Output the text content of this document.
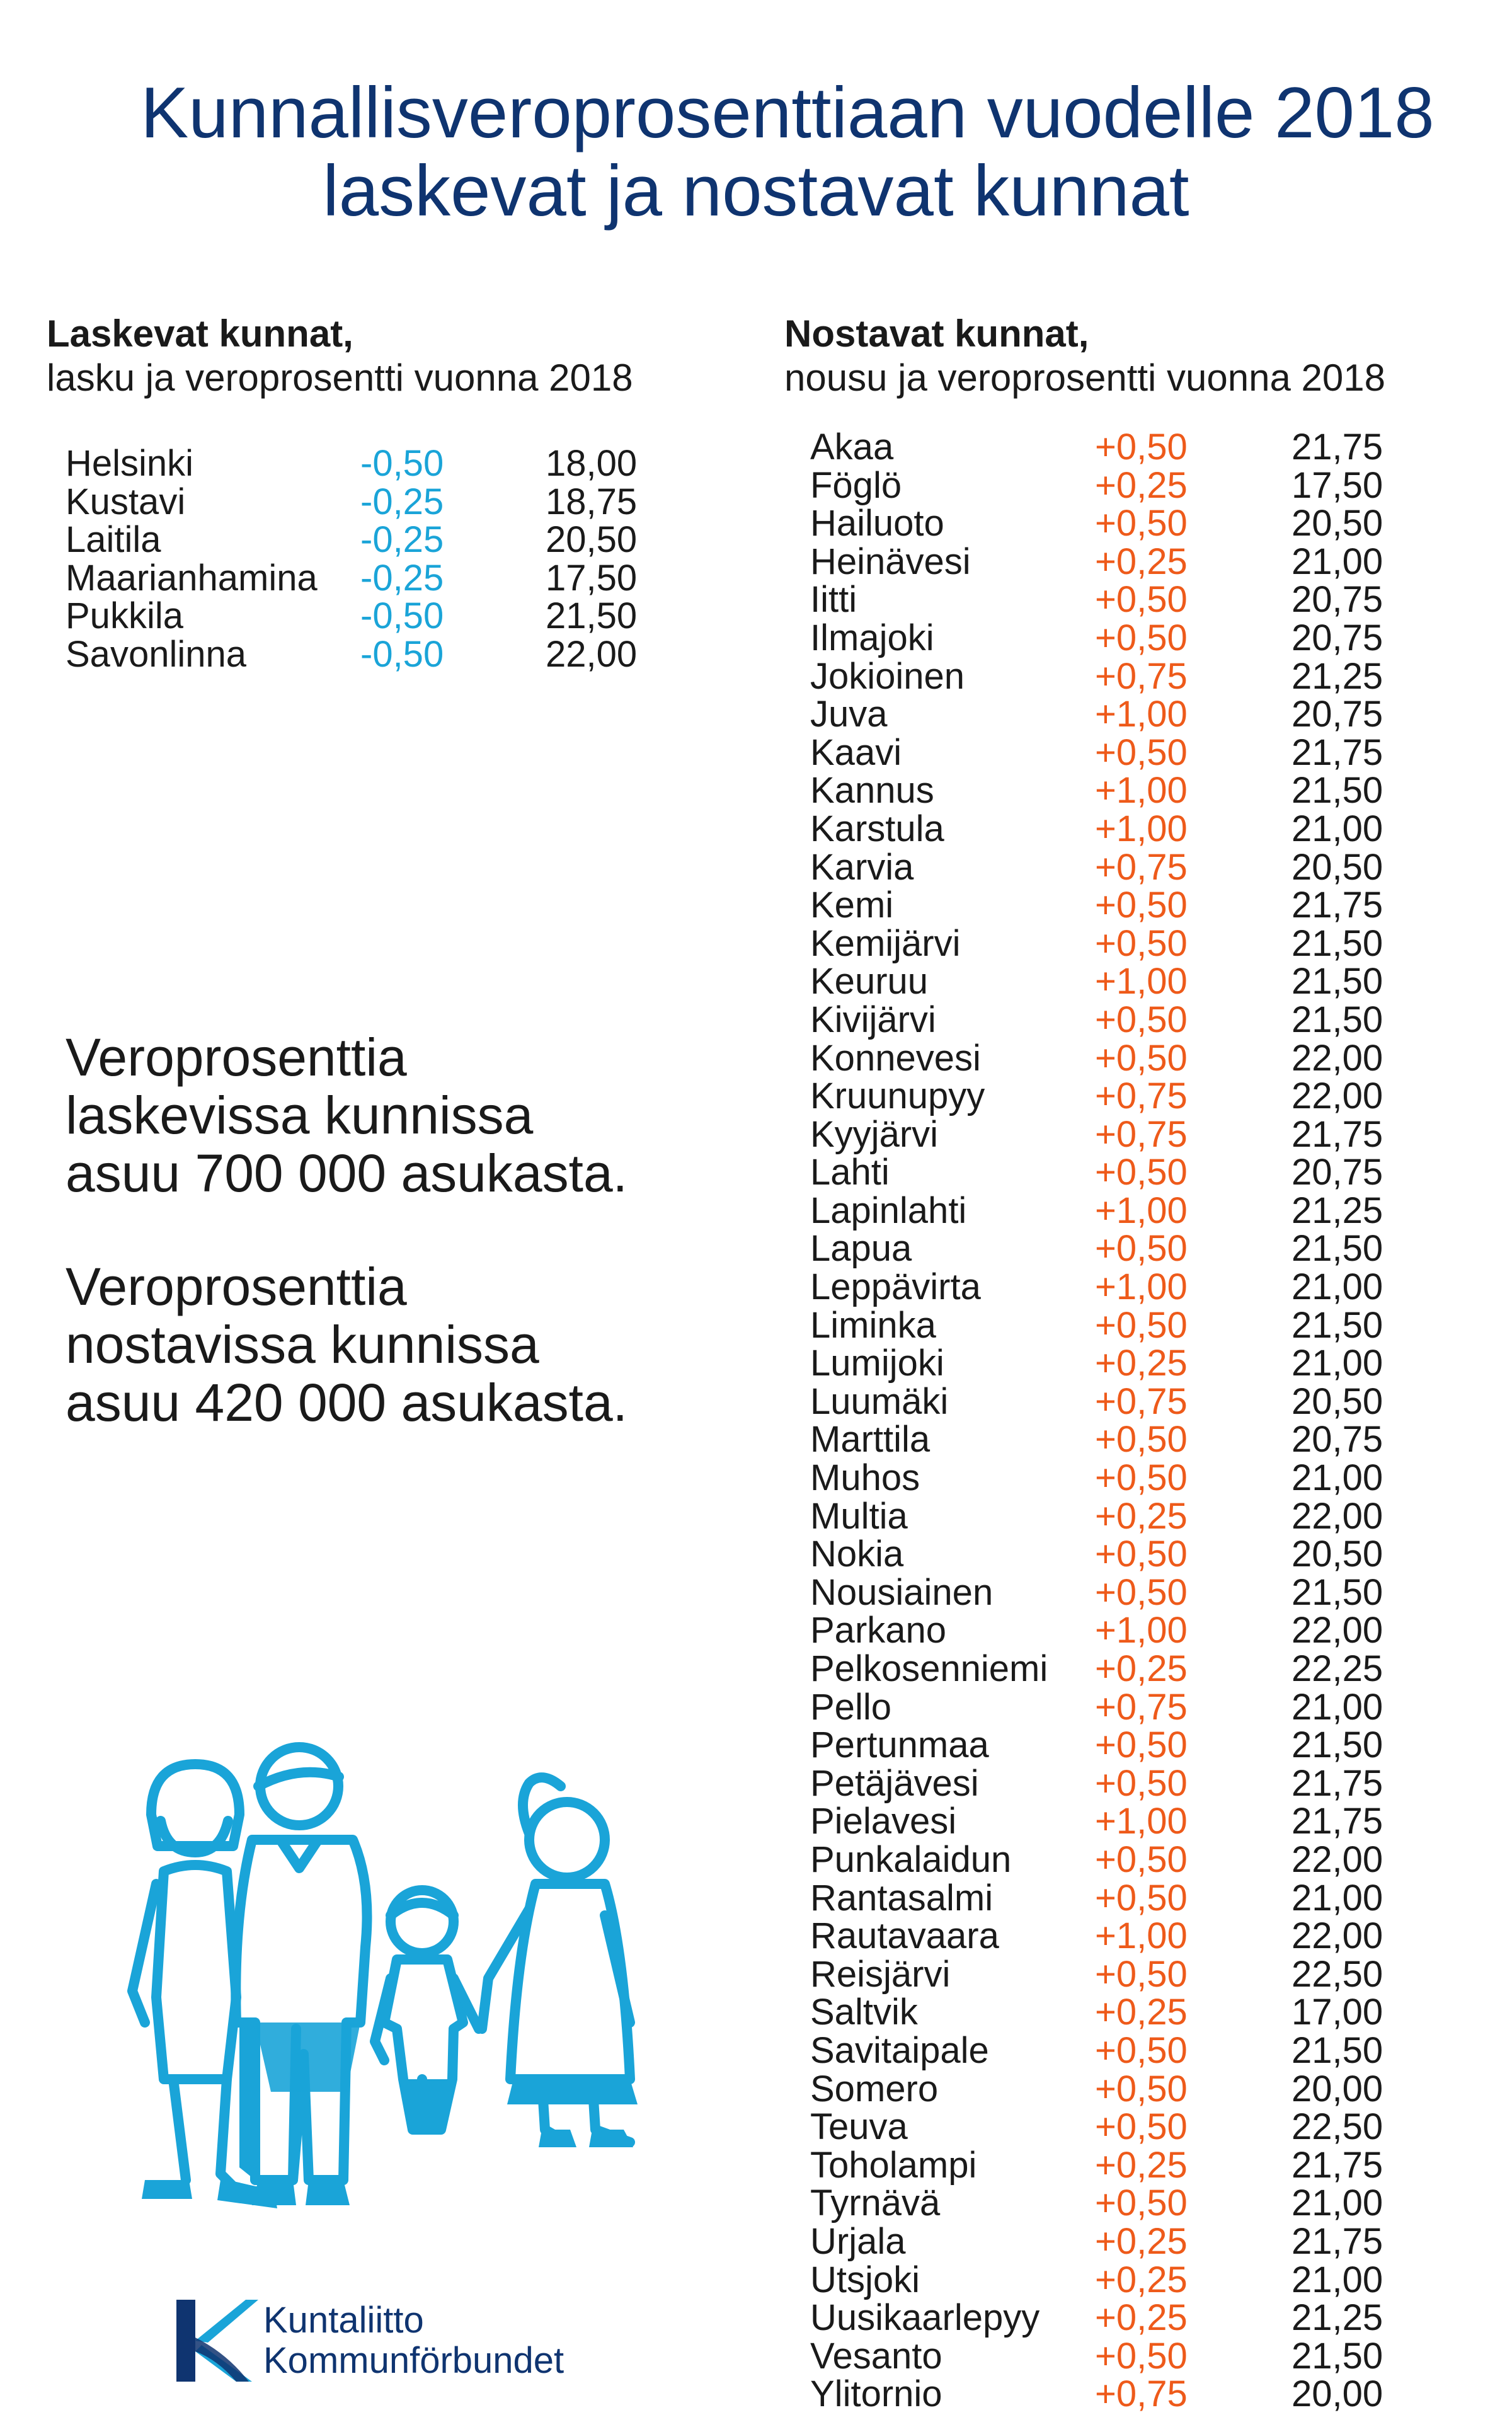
Kunnallisveroprosenttiaan vuodelle 2018
laskevat ja nostavat kunnat
Laskevat kunnat,
lasku ja veroprosentti vuonna 2018
Nostavat kunnat,
nousu ja veroprosentti vuonna 2018
Helsinki	-0,50	18,00
Kustavi	-0,25	18,75
Laitila	-0,25	20,50
Maarianhamina -0,25	17,50
Pukkila	-0,50	21,50
Savonlinna	-0,50	22,00
Akaa	+0,50	21,75
Föglö	+0,25	17,50
Hailuoto	+0,50	20,50
Heinävesi	+0,25	21,00
Iitti	+0,50	20,75
Ilmajoki	+0,50	20,75
Jokioinen	+0,75	21,25
Juva	+1,00	20,75
Kaavi	+0,50	21,75
Kannus	+1,00	21,50
Karstula	+1,00	21,00
Karvia	+0,75	20,50
Kemi	+0,50	21,75
Kemijärvi	+0,50	21,50
Keuruu	+1,00	21,50
Kivijärvi	+0,50	21,50
Konnevesi	+0,50	22,00
Kruunupyy	+0,75	22,00
Kyyjärvi	+0,75	21,75
Lahti	+0,50	20,75
Lapinlahti	+1,00	21,25
Lapua	+0,50	21,50
Leppävirta	+1,00	21,00
Liminka	+0,50	21,50
Lumijoki	+0,25	21,00
Luumäki	+0,75	20,50
Marttila	+0,50	20,75
Muhos	+0,50	21,00
Multia	+0,25	22,00
Nokia	+0,50	20,50
Nousiainen	+0,50	21,50
Parkano	+1,00	22,00
Pelkosenniemi +0,25	22,25
Pello	+0,75	21,00
Pertunmaa	+0,50	21,50
Petäjävesi	+0,50	21,75
Pielavesi	+1,00	21,75
Punkalaidun +0,50	22,00
Rantasalmi	+0,50	21,00
Rautavaara	+1,00	22,00
Reisjärvi	+0,50	22,50
Saltvik	+0,25	17,00
Savitaipale	+0,50	21,50
Somero	+0,50	20,00
Teuva	+0,50	22,50
Toholampi	+0,25	21,75
Tyrnävä	+0,50	21,00
Urjala	+0,25	21,75
Utsjoki	+0,25	21,00
Uusikaarlepyy +0,25	21,25
Vesanto	+0,50	21,50
Ylitornio	+0,75	20,00
Veroprosenttia
laskevissa kunnissa
asuu 700 000 asukasta.
Veroprosenttia
nostavissa kunnissa
asuu 420 000 asukasta.
Kuntaliitto
Kommunförbundet
